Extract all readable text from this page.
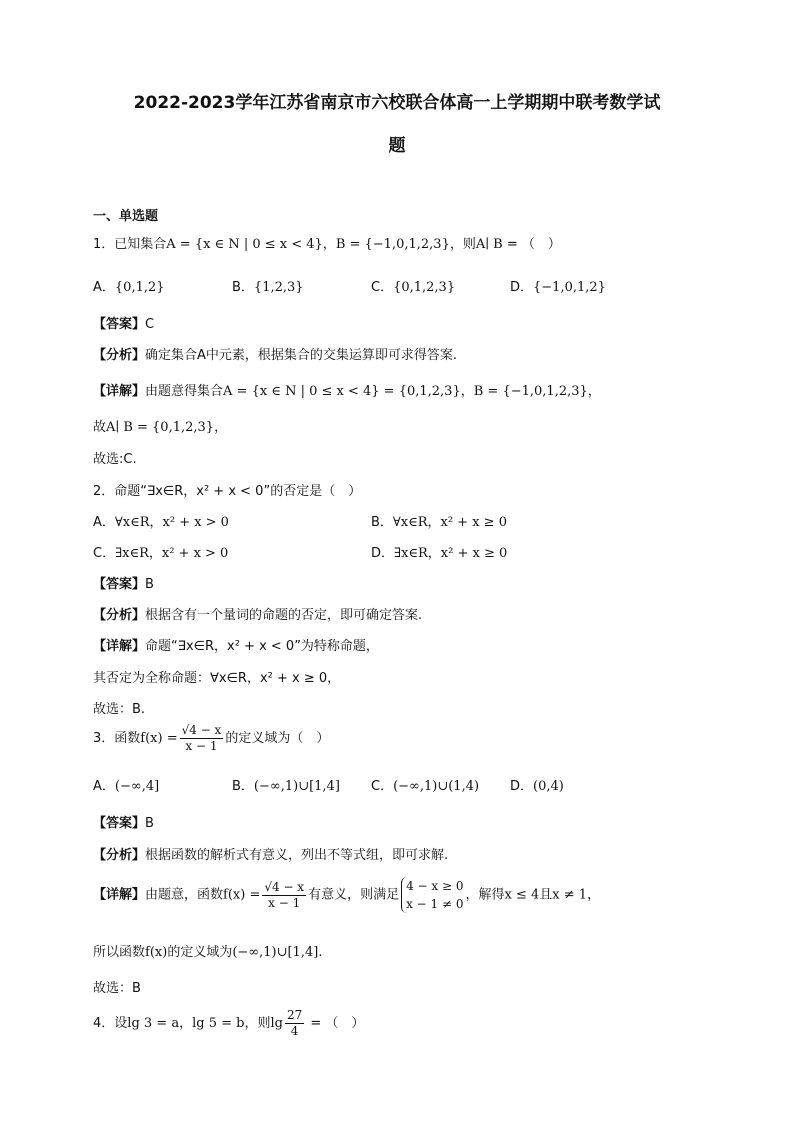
2022-2023学年江苏省南京市六校联合体高一上学期期中联考数学试
题
一、单选题
1．已知集合A = {x ∈ N | 0 ≤ x < 4}，B = {−1,0,1,2,3}，则A∣ B = （　）
A．{0,1,2}	B．{1,2,3}	C．{0,1,2,3}	D．{−1,0,1,2}
【答案】C
【分析】确定集合A中元素，根据集合的交集运算即可求得答案.
【详解】由题意得集合A = {x ∈ N | 0 ≤ x < 4} = {0,1,2,3}，B = {−1,0,1,2,3}，
故A∣ B = {0,1,2,3}，
故选:C.
2．命题“∃x∈R，x² + x < 0”的否定是（　）
A．∀x∈R，x² + x > 0	B．∀x∈R，x² + x ≥ 0
C．∃x∈R，x² + x > 0	D．∃x∈R，x² + x ≥ 0
【答案】B
【分析】根据含有一个量词的命题的否定，即可确定答案.
【详解】命题“∃x∈R，x² + x < 0”为特称命题，
其否定为全称命题：∀x∈R，x² + x ≥ 0，
故选：B.
3．函数$f(x) = \frac{√4 - x}{x - 1}$ 的定义域为（　）
A．(−∞,4]	B．(−∞,1)∪[1,4] C．(−∞,1)∪(1,4) D．(0,4)
【答案】B
【分析】根据函数的解析式有意义，列出不等式组，即可求解.
【详解】由题意，函数$f(x) = \frac{√4 - x}{x - 1}$ 有意义，则满足
4 − x ≥ 0
x − 1 ≠ 0
，解得x ≤ 4且x ≠ 1，
所以函数f(x)的定义域为(−∞,1)∪[1,4].
故选：B
4．设lg 3 = a，lg 5 = b，则$\lg \frac{27}{4}$ = （　）
